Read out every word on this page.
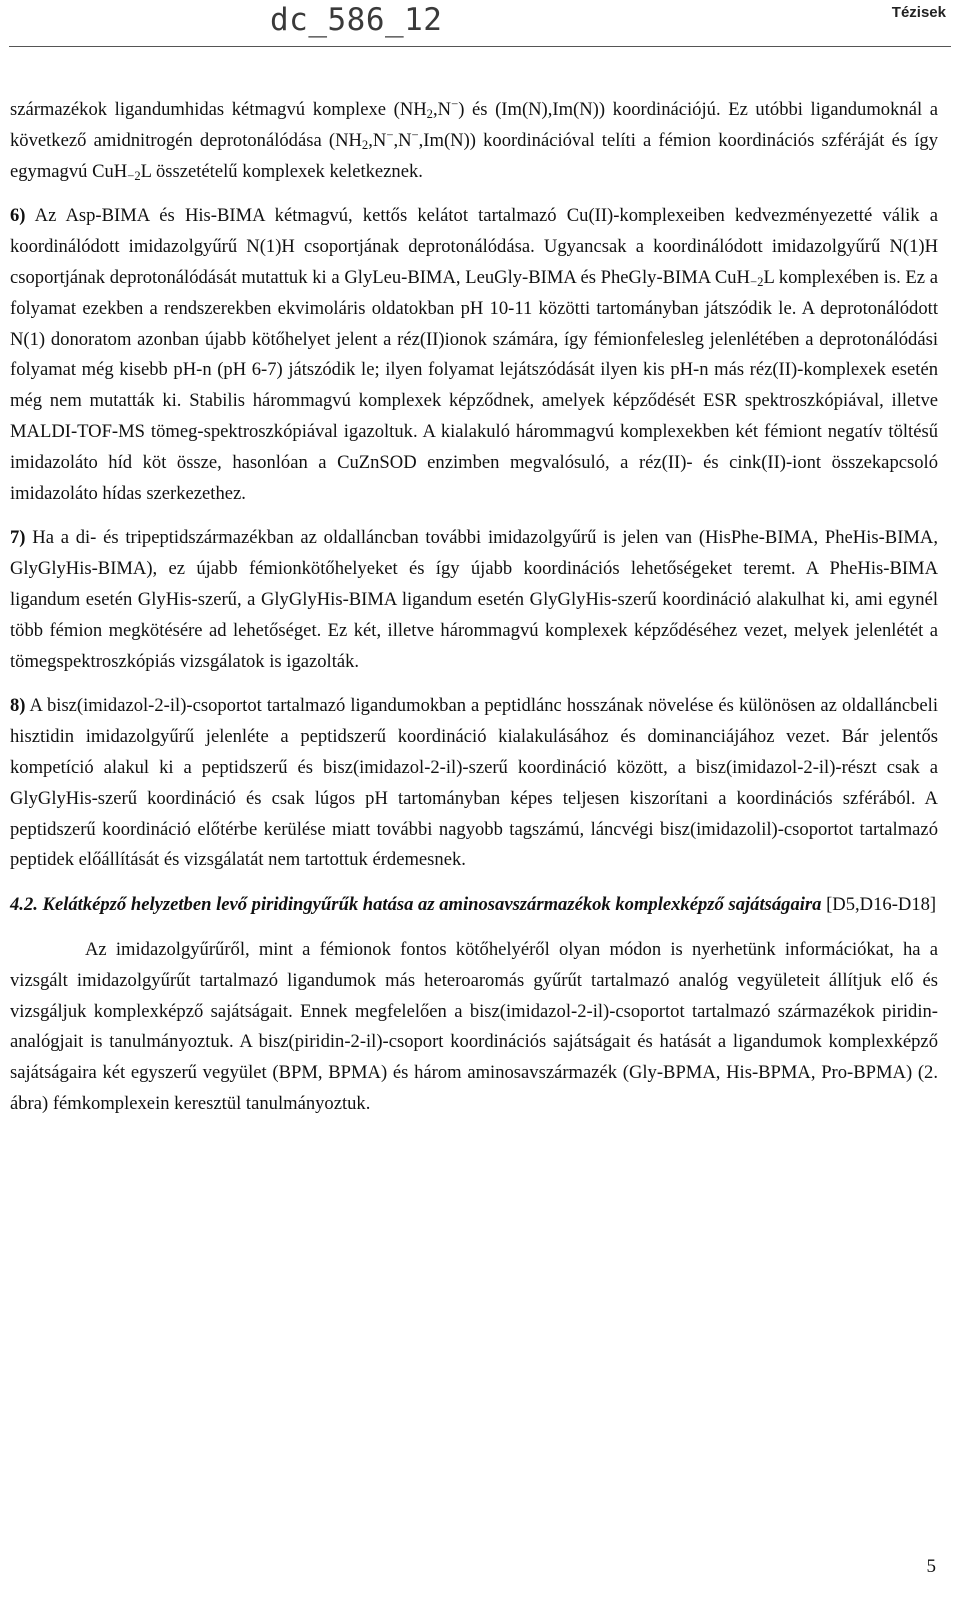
dc_586_12	Tézisek

származékok ligandumhidas kétmagvú komplexe $(NH_2,N^-)$ és (Im(N),Im(N)) koordinációjú. Ez utóbbi ligandumoknál a következő amidnitrogén deprotonálódása $(NH_2,N^-,N^-,Im(N))$ koordinációval telíti a fémion koordinációs szféráját és így egymagvú CuH$_{-2}$L összetételű komplexek keletkeznek.

6) Az Asp-BIMA és His-BIMA kétmagvú, kettős kelátot tartalmazó Cu(II)-komplexeiben kedvezményezetté válik a koordinálódott imidazolgyűrű N(1)H csoportjának deprotonálódása. Ugyancsak a koordinálódott imidazolgyűrű N(1)H csoportjának deprotonálódását mutattuk ki a GlyLeu-BIMA, LeuGly-BIMA és PheGly-BIMA CuH$_{-2}$L komplexében is. Ez a folyamat ezekben a rendszerekben ekvimoláris oldatokban pH 10-11 közötti tartományban játszódik le. A deprotonálódott N(1) donoratom azonban újabb kötőhelyet jelent a réz(II)ionok számára, így fémionfelesleg jelenlétében a deprotonálódási folyamat még kisebb pH-n (pH 6-7) játszódik le; ilyen folyamat lejátszódását ilyen kis pH-n más réz(II)-komplexek esetén még nem mutatták ki. Stabilis hárommagvú komplexek képződnek, amelyek képződését ESR spektroszkópiával, illetve MALDI-TOF-MS tömeg-spektroszkópiával igazoltuk. A kialakuló hárommagvú komplexekben két fémiont negatív töltésű imidazoláto híd köt össze, hasonlóan a CuZnSOD enzimben megvalósuló, a réz(II)- és cink(II)-iont összekapcsoló imidazoláto hídas szerkezethez.

7) Ha a di- és tripeptidszármazékban az oldalláncban további imidazolgyűrű is jelen van (HisPhe-BIMA, PheHis-BIMA, GlyGlyHis-BIMA), ez újabb fémionkötőhelyeket és így újabb koordinációs lehetőségeket teremt. A PheHis-BIMA ligandum esetén GlyHis-szerű, a GlyGlyHis-BIMA ligandum esetén GlyGlyHis-szerű koordináció alakulhat ki, ami egynél több fémion megkötésére ad lehetőséget. Ez két, illetve hárommagvú komplexek képződéséhez vezet, melyek jelenlétét a tömegspektroszkópiás vizsgálatok is igazolták.

8) A bisz(imidazol-2-il)-csoportot tartalmazó ligandumokban a peptidlánc hosszának növelése és különösen az oldalláncbeli hisztidin imidazolgyűrű jelenléte a peptidszerű koordináció kialakulásához és dominanciájához vezet. Bár jelentős kompetíció alakul ki a peptidszerű és bisz(imidazol-2-il)-szerű koordináció között, a bisz(imidazol-2-il)-részt csak a GlyGlyHis-szerű koordináció és csak lúgos pH tartományban képes teljesen kiszorítani a koordinációs szférából. A peptidszerű koordináció előtérbe kerülése miatt további nagyobb tagszámú, láncvégi bisz(imidazolil)-csoportot tartalmazó peptidek előállítását és vizsgálatát nem tartottuk érdemesnek.

4.2. Kelátképző helyzetben levő piridingyűrűk hatása az aminosavszármazékok komplexképző sajátságaira [D5,D16-D18]

Az imidazolgyűrűről, mint a fémionok fontos kötőhelyéről olyan módon is nyerhetünk információkat, ha a vizsgált imidazolgyűrűt tartalmazó ligandumok más heteroaromás gyűrűt tartalmazó analóg vegyületeit állítjuk elő és vizsgáljuk komplexképző sajátságait. Ennek megfelelően a bisz(imidazol-2-il)-csoportot tartalmazó származékok piridin-analógjait is tanulmányoztuk. A bisz(piridin-2-il)-csoport koordinációs sajátságait és hatását a ligandumok komplexképző sajátságaira két egyszerű vegyület (BPM, BPMA) és három aminosavszármazék (Gly-BPMA, His-BPMA, Pro-BPMA) (2. ábra) fémkomplexein keresztül tanulmányoztuk.

5
